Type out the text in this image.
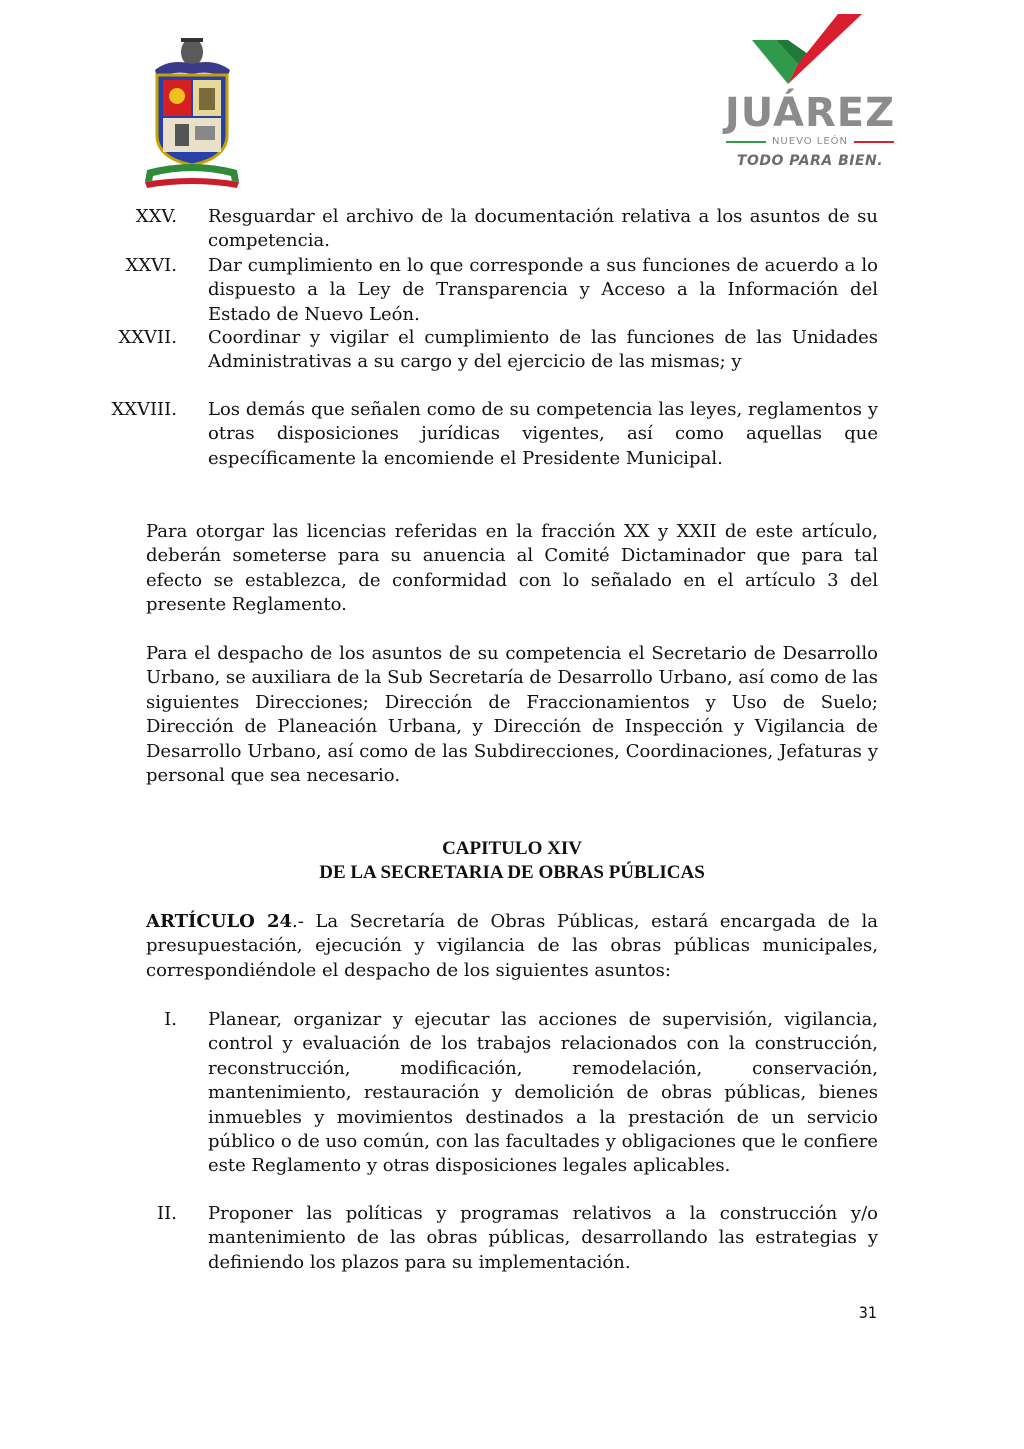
JUÁREZ
NUEVO LEÓN
TODO PARA BIEN.
XXV. Resguardar el archivo de la documentación relativa a los asuntos de su competencia.
XXVI. Dar cumplimiento en lo que corresponde a sus funciones de acuerdo a lo dispuesto a la Ley de Transparencia y Acceso a la Información del Estado de Nuevo León.
XXVII. Coordinar y vigilar el cumplimiento de las funciones de las Unidades Administrativas a su cargo y del ejercicio de las mismas; y
XXVIII. Los demás que señalen como de su competencia las leyes, reglamentos y otras disposiciones jurídicas vigentes, así como aquellas que específicamente la encomiende el Presidente Municipal.
Para otorgar las licencias referidas en la fracción XX y XXII de este artículo, deberán someterse para su anuencia al Comité Dictaminador que para tal efecto se establezca, de conformidad con lo señalado en el artículo 3 del presente Reglamento.
Para el despacho de los asuntos de su competencia el Secretario de Desarrollo Urbano, se auxiliara de la Sub Secretaría de Desarrollo Urbano, así como de las siguientes Direcciones; Dirección de Fraccionamientos y Uso de Suelo; Dirección de Planeación Urbana, y Dirección de Inspección y Vigilancia de Desarrollo Urbano, así como de las Subdirecciones, Coordinaciones, Jefaturas y personal que sea necesario.
CAPITULO XIV
DE LA SECRETARIA DE OBRAS PÚBLICAS
ARTÍCULO 24.- La Secretaría de Obras Públicas, estará encargada de la presupuestación, ejecución y vigilancia de las obras públicas municipales, correspondiéndole el despacho de los siguientes asuntos:
I. Planear, organizar y ejecutar las acciones de supervisión, vigilancia, control y evaluación de los trabajos relacionados con la construcción, reconstrucción, modificación, remodelación, conservación, mantenimiento, restauración y demolición de obras públicas, bienes inmuebles y movimientos destinados a la prestación de un servicio público o de uso común, con las facultades y obligaciones que le confiere este Reglamento y otras disposiciones legales aplicables.
II. Proponer las políticas y programas relativos a la construcción y/o mantenimiento de las obras públicas, desarrollando las estrategias y definiendo los plazos para su implementación.
31
